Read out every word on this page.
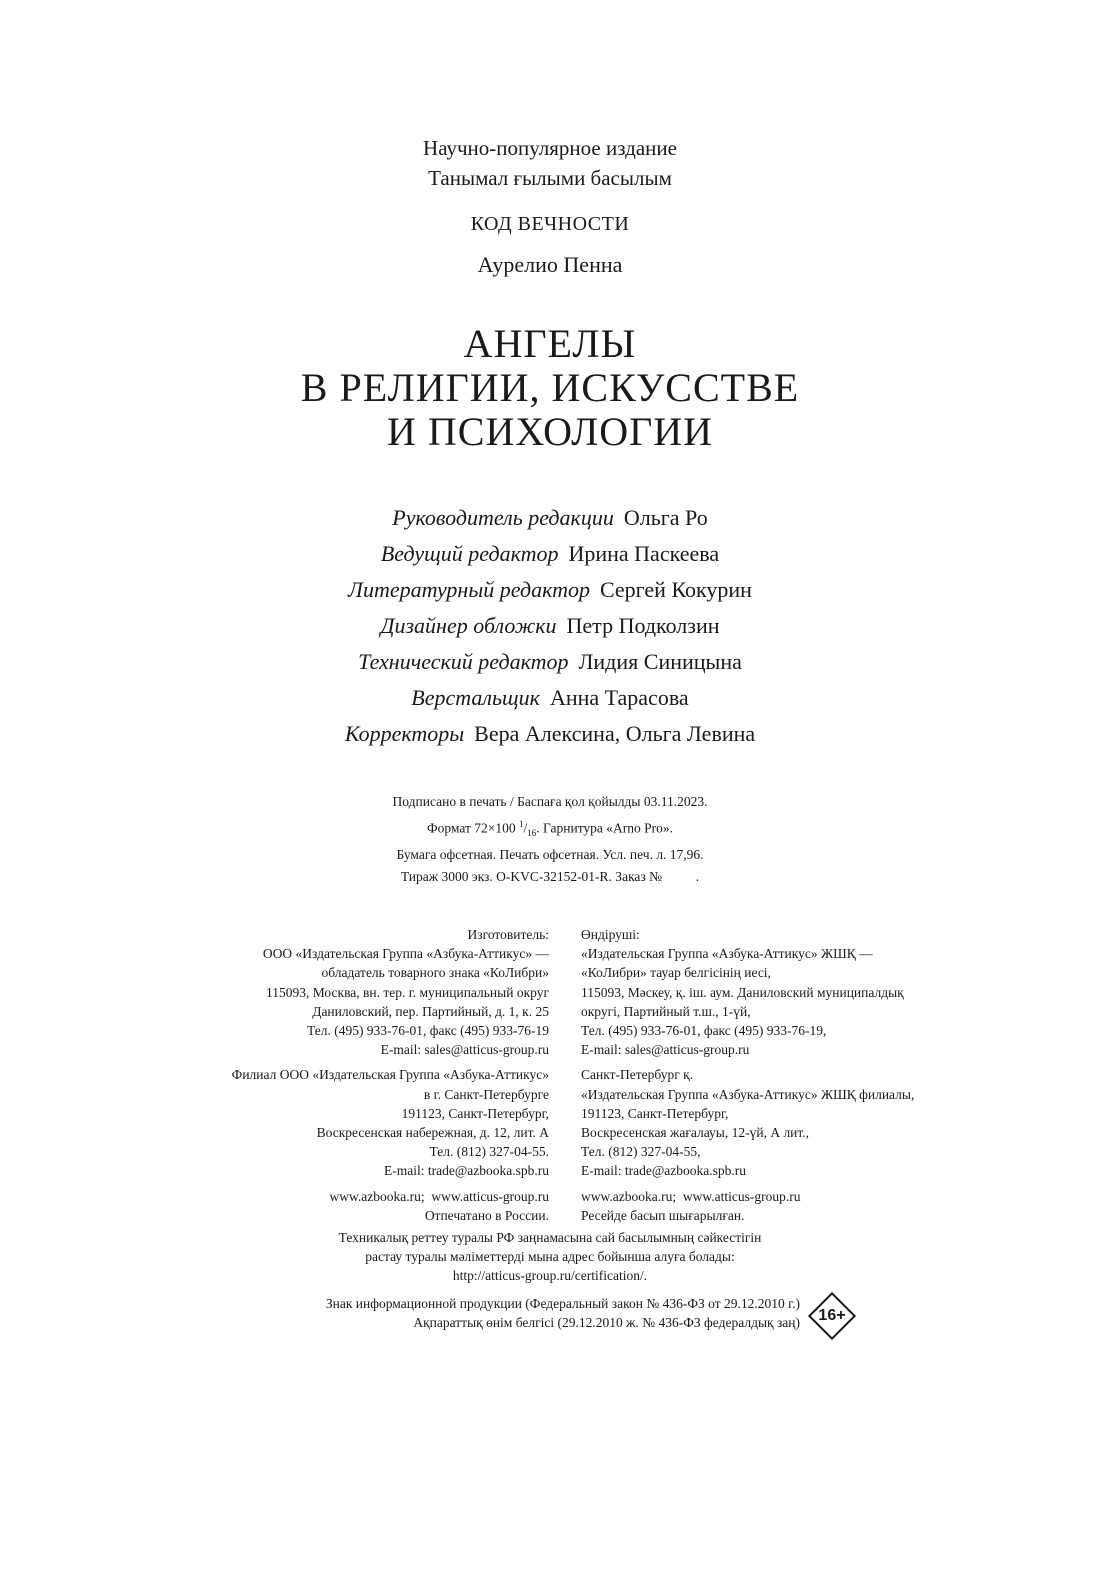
Научно-популярное издание
Танымал ғылыми басылым
КОД ВЕЧНОСТИ
Аурелио Пенна
АНГЕЛЫ
В РЕЛИГИИ, ИСКУССТВЕ
И ПСИХОЛОГИИ
Руководитель редакции Ольга Ро
Ведущий редактор Ирина Паскеева
Литературный редактор Сергей Кокурин
Дизайнер обложки Петр Подколзин
Технический редактор Лидия Синицына
Верстальщик Анна Тарасова
Корректоры Вера Алексина, Ольга Левина
Подписано в печать / Баспаға қол қойылды 03.11.2023.
Формат 72×100 $^1/_{16}$. Гарнитура «Arno Pro».
Бумага офсетная. Печать офсетная. Усл. печ. л. 17,96.
Тираж 3000 экз. O-KVC-32152-01-R. Заказ №          .
Изготовитель:
ООО «Издательская Группа «Азбука-Аттикус» —
обладатель товарного знака «КоЛибри»
115093, Москва, вн. тер. г. муниципальный округ
Даниловский, пер. Партийный, д. 1, к. 25
Тел. (495) 933-76-01, факс (495) 933-76-19
E-mail: sales@atticus-group.ru
Филиал ООО «Издательская Группа «Азбука-Аттикус»
в г. Санкт-Петербурге
191123, Санкт-Петербург,
Воскресенская набережная, д. 12, лит. А
Тел. (812) 327-04-55.
E-mail: trade@azbooka.spb.ru
www.azbooka.ru;  www.atticus-group.ru
Отпечатано в России.
Өндіруші:
«Издательская Группа «Азбука-Аттикус» ЖШҚ —
«КоЛибри» тауар белгісінің иесі,
115093, Мәскеу, қ. іш. аум. Даниловский муниципалдық
округі, Партийный т.ш., 1-үй,
Тел. (495) 933-76-01, факс (495) 933-76-19,
E-mail: sales@atticus-group.ru
Санкт-Петербург қ.
«Издательская Группа «Азбука-Аттикус» ЖШҚ филиалы,
191123, Санкт-Петербург,
Воскресенская жағалауы, 12-үй, А лит.,
Тел. (812) 327-04-55,
E-mail: trade@azbooka.spb.ru
www.azbooka.ru;  www.atticus-group.ru
Ресейде басып шығарылған.
Техникалық реттеу туралы РФ заңнамасына сай басылымның сәйкестігін
растау туралы мәліметтерді мына адрес бойынша алуға болады:
http://atticus-group.ru/certification/.
Знак информационной продукции (Федеральный закон № 436-ФЗ от 29.12.2010 г.)
Ақпараттық өнім белгісі (29.12.2010 ж. № 436-ФЗ федералдық заң)	16+
